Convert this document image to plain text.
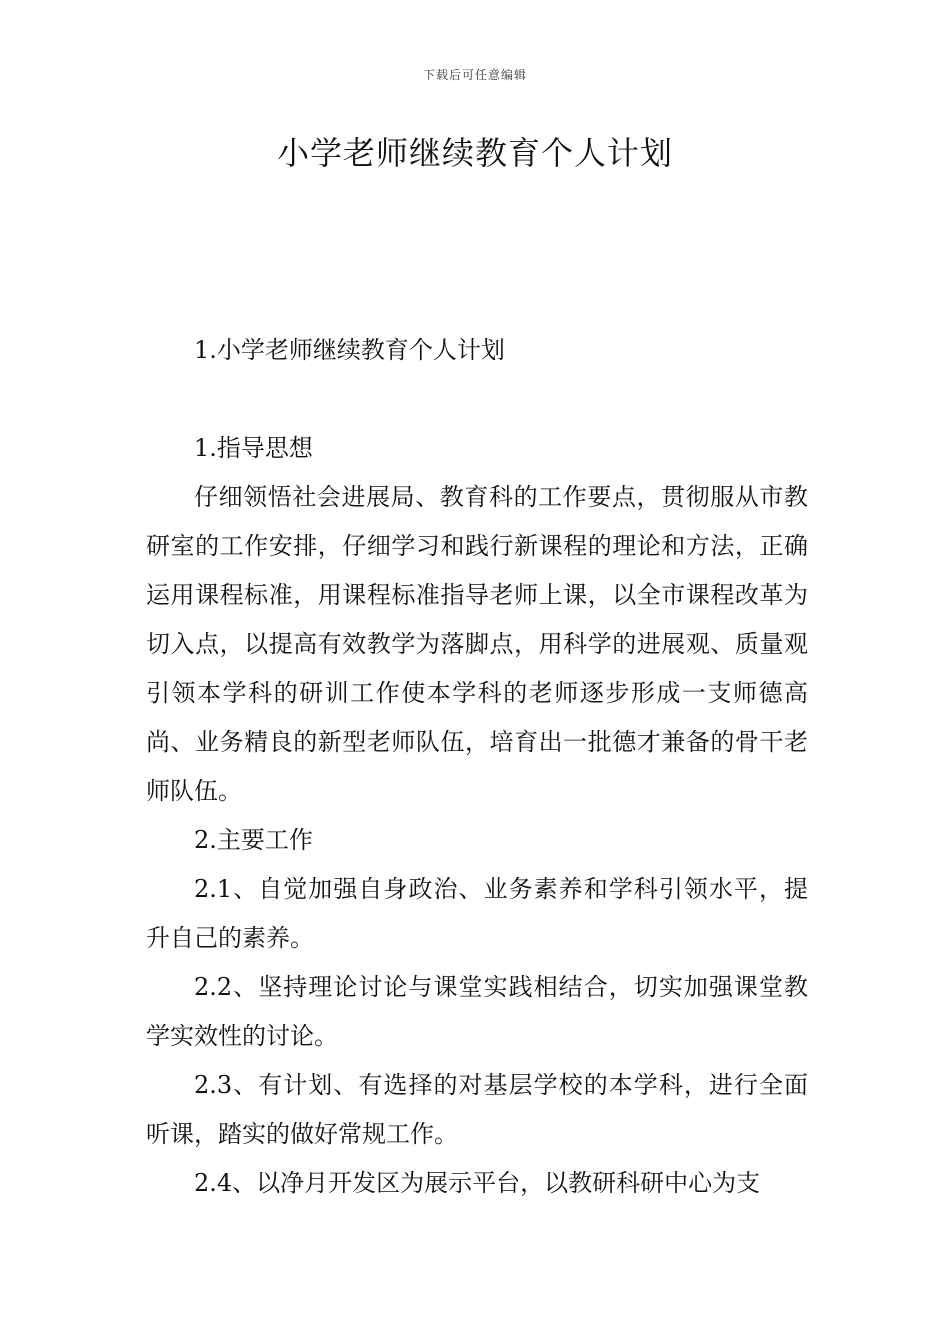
下载后可任意编辑
小学老师继续教育个人计划

1.小学老师继续教育个人计划

1.指导思想

仔细领悟社会进展局、教育科的工作要点，贯彻服从市教研室的工作安排，仔细学习和践行新课程的理论和方法，正确运用课程标准，用课程标准指导老师上课，以全市课程改革为切入点，以提高有效教学为落脚点，用科学的进展观、质量观引领本学科的研训工作使本学科的老师逐步形成一支师德高尚、业务精良的新型老师队伍，培育出一批德才兼备的骨干老师队伍。

2.主要工作

2.1、自觉加强自身政治、业务素养和学科引领水平，提升自己的素养。

2.2、坚持理论讨论与课堂实践相结合，切实加强课堂教学实效性的讨论。

2.3、有计划、有选择的对基层学校的本学科，进行全面听课，踏实的做好常规工作。

2.4、以净月开发区为展示平台，以教研科研中心为支
